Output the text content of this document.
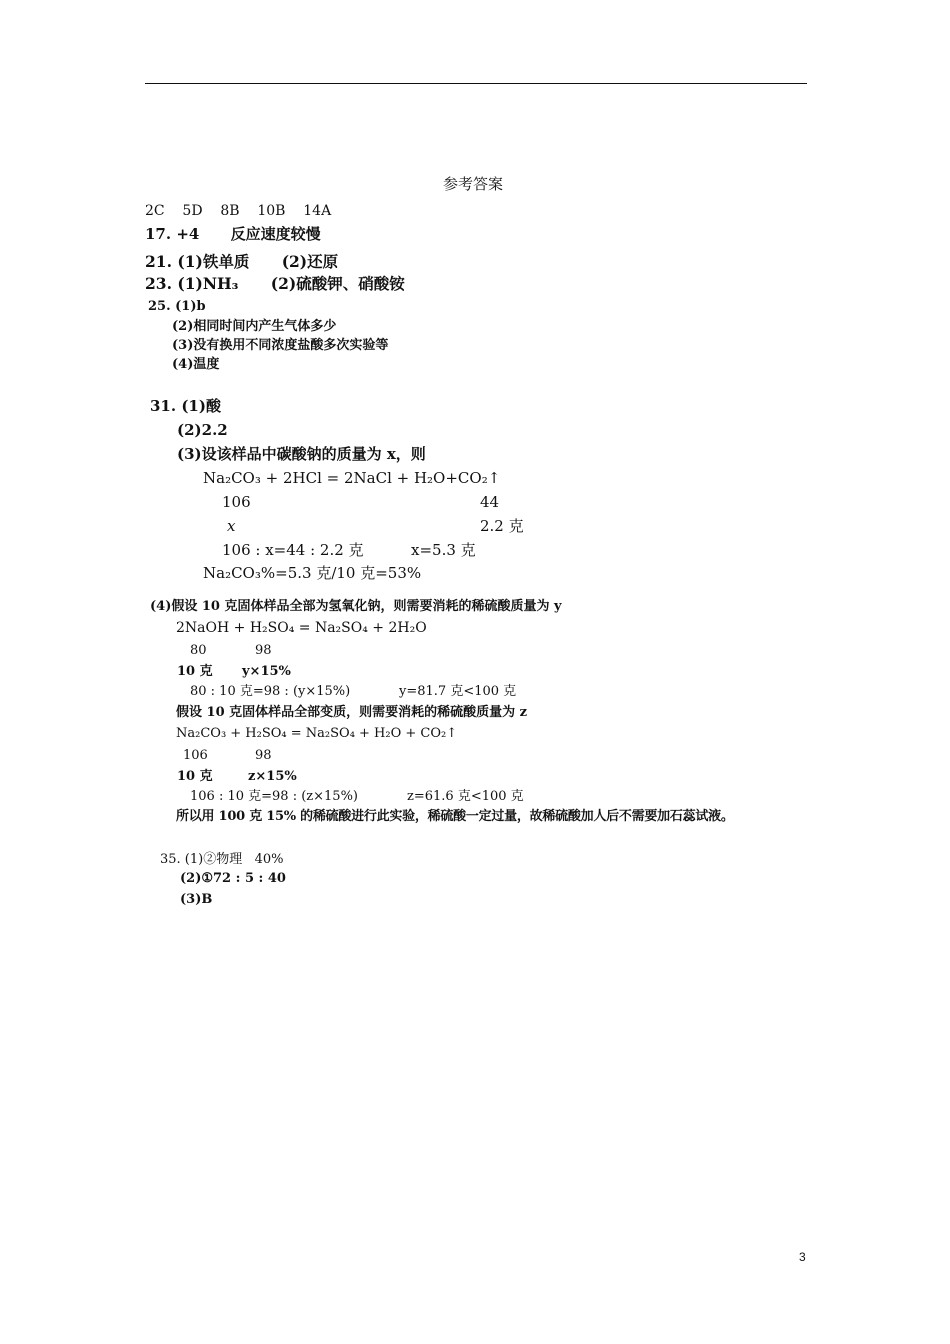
参考答案
2C    5D    8B    10B    14A
17. +4      反应速度较慢
21. (1)铁单质      (2)还原
23. (1)NH₃      (2)硫酸钾、硝酸铵
25. (1)b
(2)相同时间内产生气体多少
(3)没有换用不同浓度盐酸多次实验等
(4)温度
31. (1)酸
(2)2.2
(3)设该样品中碳酸钠的质量为 x，则
Na₂CO₃ + 2HCl = 2NaCl + H₂O+CO₂↑
106	44
x	2.2 克
106 : x=44 : 2.2 克	x=5.3 克
Na₂CO₃%=5.3 克/10 克=53%
(4)假设 10 克固体样品全部为氢氧化钠，则需要消耗的稀硫酸质量为 y
2NaOH + H₂SO₄ = Na₂SO₄ + 2H₂O
80	98
10 克 y×15%
80 : 10 克=98 : (y×15%)	y=81.7 克<100 克
假设 10 克固体样品全部变质，则需要消耗的稀硫酸质量为 z
Na₂CO₃ + H₂SO₄ = Na₂SO₄ + H₂O + CO₂↑
106	98
10 克	z×15%
106 : 10 克=98 : (z×15%)	z=61.6 克<100 克
所以用 100 克 15% 的稀硫酸进行此实验，稀硫酸一定过量，故稀硫酸加人后不需要加石蕊试液。
35. (1)②物理   40%
(2)①72 : 5 : 40
(3)B
3
